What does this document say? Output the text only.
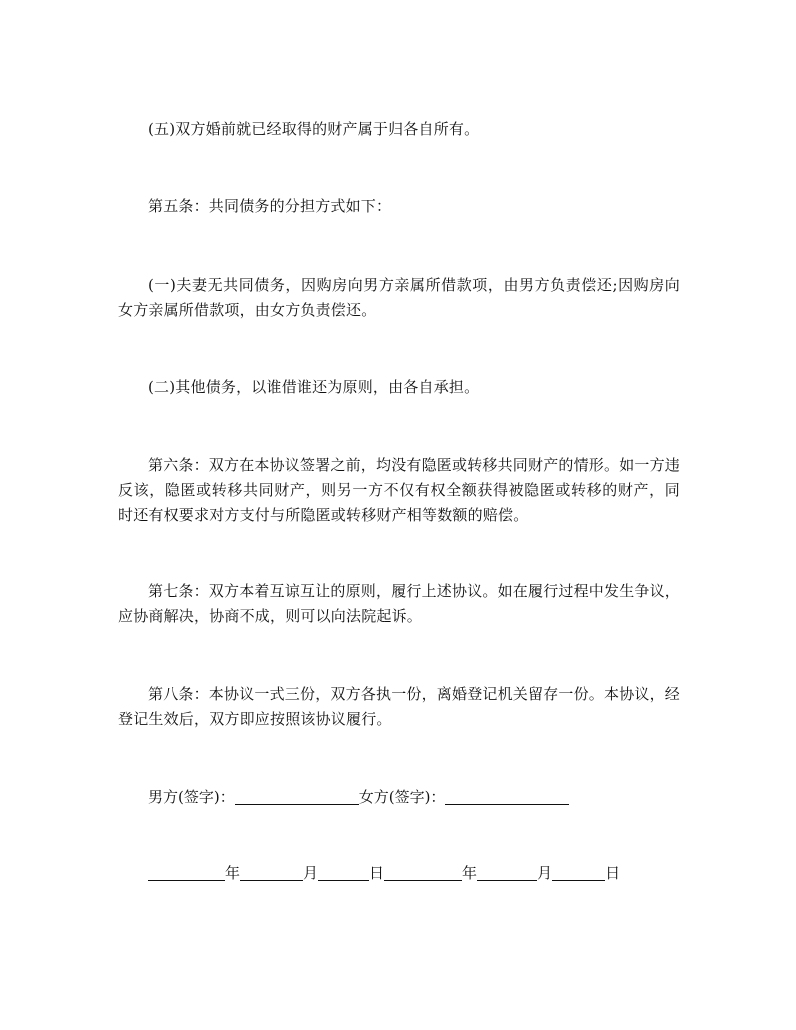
(五)双方婚前就已经取得的财产属于归各自所有。

第五条：共同债务的分担方式如下：

(一)夫妻无共同债务，因购房向男方亲属所借款项，由男方负责偿还;因购房向女方亲属所借款项，由女方负责偿还。

(二)其他债务，以谁借谁还为原则，由各自承担。

第六条：双方在本协议签署之前，均没有隐匿或转移共同财产的情形。如一方违反该，隐匿或转移共同财产，则另一方不仅有权全额获得被隐匿或转移的财产，同时还有权要求对方支付与所隐匿或转移财产相等数额的赔偿。

第七条：双方本着互谅互让的原则，履行上述协议。如在履行过程中发生争议，应协商解决，协商不成，则可以向法院起诉。

第八条：本协议一式三份，双方各执一份，离婚登记机关留存一份。本协议，经登记生效后，双方即应按照该协议履行。

男方(签字)：	女方(签字)：
年	月	日	年	月	日
